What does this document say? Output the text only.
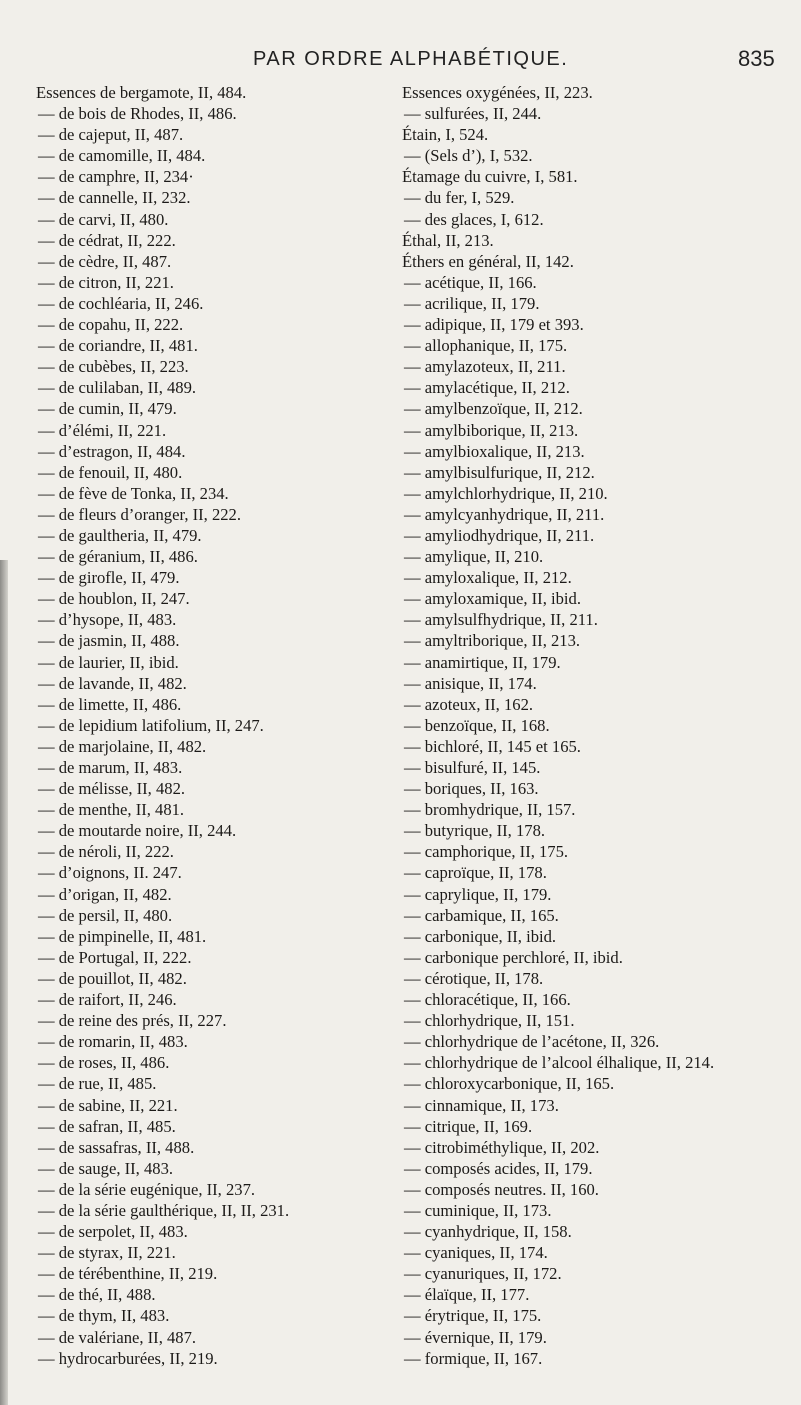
PAR ORDRE ALPHABÉTIQUE.	835
Essences de bergamote, II, 484.
— de bois de Rhodes, II, 486.
— de cajeput, II, 487.
— de camomille, II, 484.
— de camphre, II, 234·
— de cannelle, II, 232.
— de carvi, II, 480.
— de cédrat, II, 222.
— de cèdre, II, 487.
— de citron, II, 221.
— de cochléaria, II, 246.
— de copahu, II, 222.
— de coriandre, II, 481.
— de cubèbes, II, 223.
— de culilaban, II, 489.
— de cumin, II, 479.
— d’élémi, II, 221.
— d’estragon, II, 484.
— de fenouil, II, 480.
— de fève de Tonka, II, 234.
— de fleurs d’oranger, II, 222.
— de gaultheria, II, 479.
— de géranium, II, 486.
— de girofle, II, 479.
— de houblon, II, 247.
— d’hysope, II, 483.
— de jasmin, II, 488.
— de laurier, II, ibid.
— de lavande, II, 482.
— de limette, II, 486.
— de lepidium latifolium, II, 247.
— de marjolaine, II, 482.
— de marum, II, 483.
— de mélisse, II, 482.
— de menthe, II, 481.
— de moutarde noire, II, 244.
— de néroli, II, 222.
— d’oignons, II. 247.
— d’origan, II, 482.
— de persil, II, 480.
— de pimpinelle, II, 481.
— de Portugal, II, 222.
— de pouillot, II, 482.
— de raifort, II, 246.
— de reine des prés, II, 227.
— de romarin, II, 483.
— de roses, II, 486.
— de rue, II, 485.
— de sabine, II, 221.
— de safran, II, 485.
— de sassafras, II, 488.
— de sauge, II, 483.
— de la série eugénique, II, 237.
— de la série gaulthérique, II, II, 231.
— de serpolet, II, 483.
— de styrax, II, 221.
— de térébenthine, II, 219.
— de thé, II, 488.
— de thym, II, 483.
— de valériane, II, 487.
— hydrocarburées, II, 219.
Essences oxygénées, II, 223.
— sulfurées, II, 244.
Étain, I, 524.
— (Sels d’), I, 532.
Étamage du cuivre, I, 581.
— du fer, I, 529.
— des glaces, I, 612.
Éthal, II, 213.
Éthers en général, II, 142.
— acétique, II, 166.
— acrilique, II, 179.
— adipique, II, 179 et 393.
— allophanique, II, 175.
— amylazoteux, II, 211.
— amylacétique, II, 212.
— amylbenzoïque, II, 212.
— amylbiborique, II, 213.
— amylbioxalique, II, 213.
— amylbisulfurique, II, 212.
— amylchlorhydrique, II, 210.
— amylcyanhydrique, II, 211.
— amyliodhydrique, II, 211.
— amylique, II, 210.
— amyloxalique, II, 212.
— amyloxamique, II, ibid.
— amylsulfhydrique, II, 211.
— amyltriborique, II, 213.
— anamirtique, II, 179.
— anisique, II, 174.
— azoteux, II, 162.
— benzoïque, II, 168.
— bichloré, II, 145 et 165.
— bisulfuré, II, 145.
— boriques, II, 163.
— bromhydrique, II, 157.
— butyrique, II, 178.
— camphorique, II, 175.
— caproïque, II, 178.
— caprylique, II, 179.
— carbamique, II, 165.
— carbonique, II, ibid.
— carbonique perchloré, II, ibid.
— cérotique, II, 178.
— chloracétique, II, 166.
— chlorhydrique, II, 151.
— chlorhydrique de l’acétone, II, 326.
— chlorhydrique de l’alcool élhalique, II, 214.
— chloroxycarbonique, II, 165.
— cinnamique, II, 173.
— citrique, II, 169.
— citrobiméthylique, II, 202.
— composés acides, II, 179.
— composés neutres. II, 160.
— cuminique, II, 173.
— cyanhydrique, II, 158.
— cyaniques, II, 174.
— cyanuriques, II, 172.
— élaïque, II, 177.
— érytrique, II, 175.
— évernique, II, 179.
— formique, II, 167.
